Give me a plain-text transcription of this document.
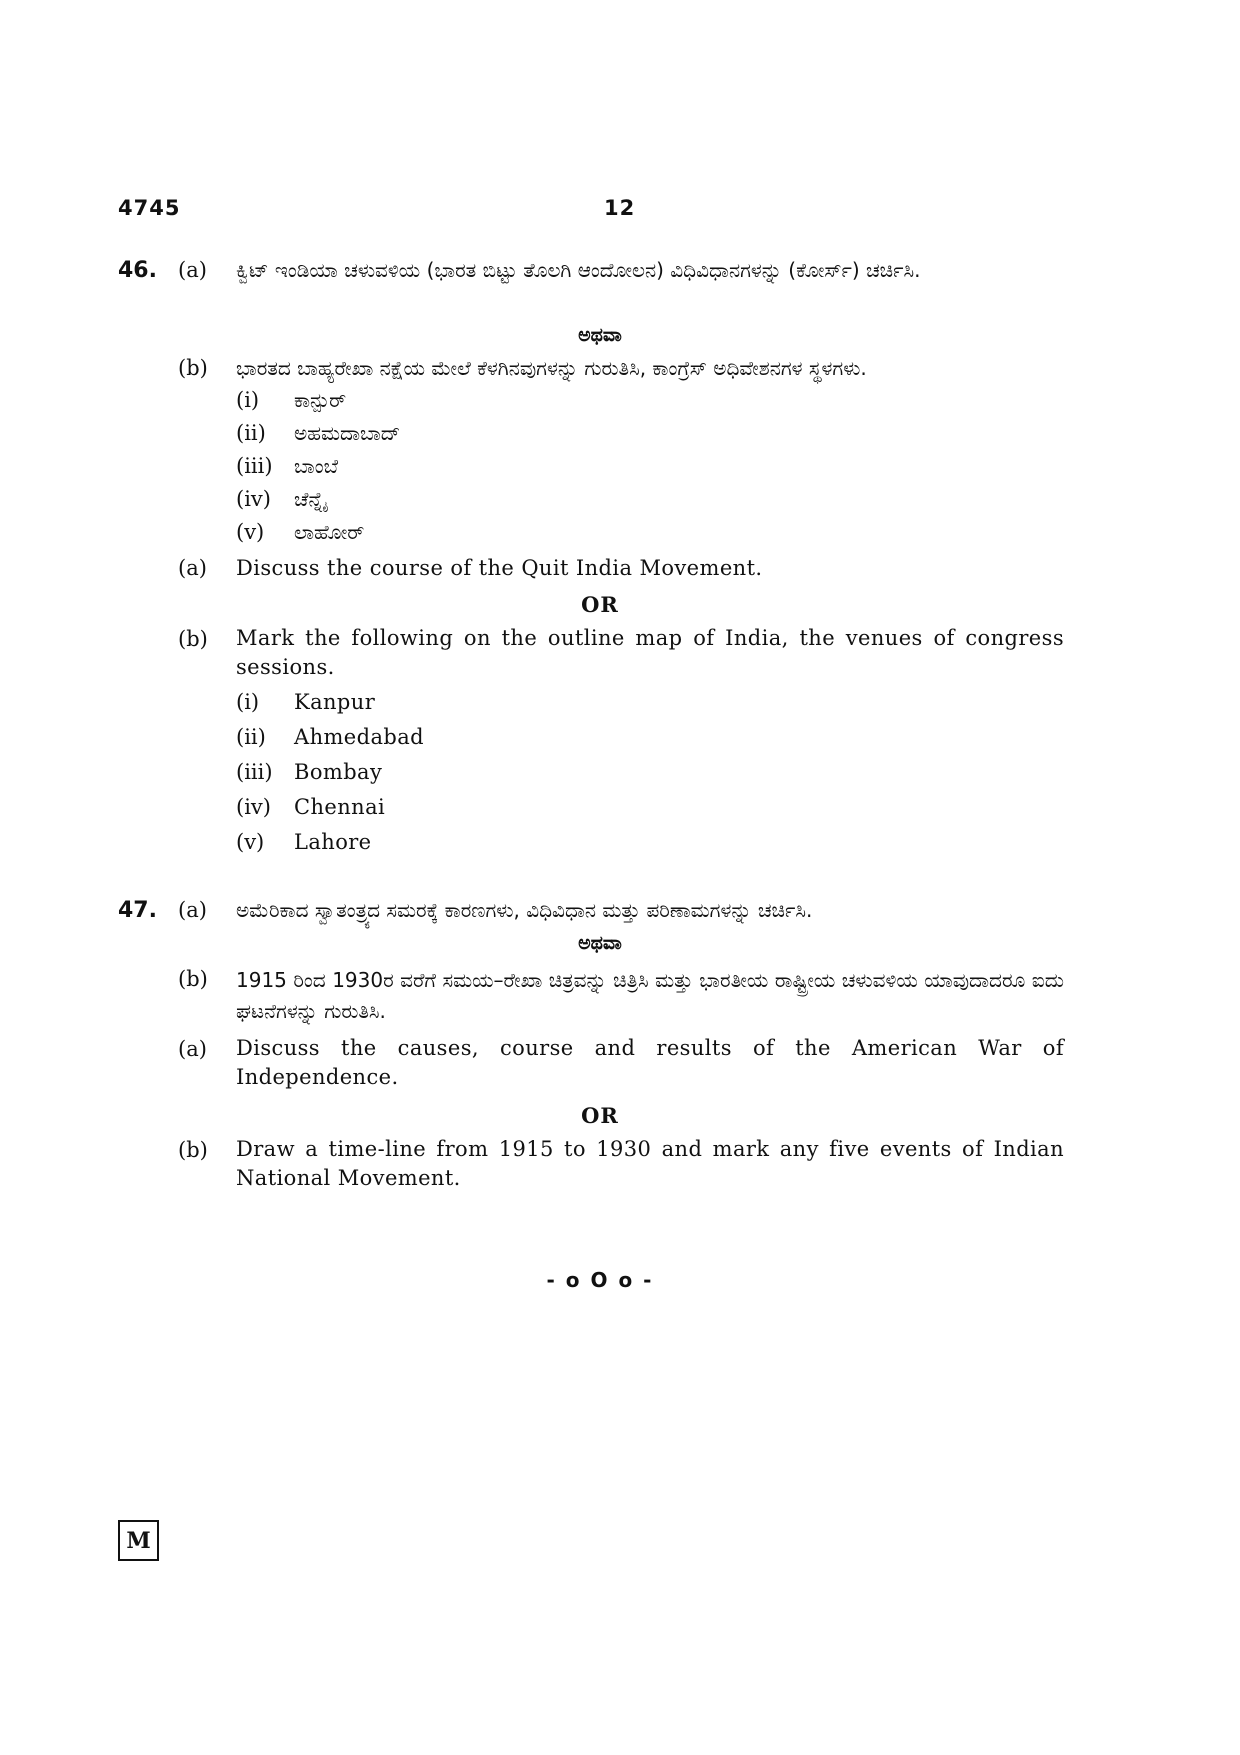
4745	12
46. (a) ಕ್ವಿಟ್ ಇಂಡಿಯಾ ಚಳುವಳಿಯ (ಭಾರತ ಬಿಟ್ಟು ತೊಲಗಿ ಆಂದೋಲನ) ವಿಧಿವಿಧಾನಗಳನ್ನು (ಕೋರ್ಸ್) ಚರ್ಚಿಸಿ.
ಅಥವಾ
(b) ಭಾರತದ ಬಾಹ್ಯರೇಖಾ ನಕ್ಷೆಯ ಮೇಲೆ ಕೆಳಗಿನವುಗಳನ್ನು ಗುರುತಿಸಿ, ಕಾಂಗ್ರೆಸ್ ಅಧಿವೇಶನಗಳ ಸ್ಥಳಗಳು.
(i) ಕಾನ್ಪುರ್
(ii) ಅಹಮದಾಬಾದ್
(iii) ಬಾಂಬೆ
(iv) ಚೆನ್ನೈ
(v) ಲಾಹೋರ್
(a) Discuss the course of the Quit India Movement.
OR
(b) Mark the following on the outline map of India, the venues of congress sessions.
(i) Kanpur
(ii) Ahmedabad
(iii) Bombay
(iv) Chennai
(v) Lahore
47. (a) ಅಮೆರಿಕಾದ ಸ್ವಾತಂತ್ರ್ಯದ ಸಮರಕ್ಕೆ ಕಾರಣಗಳು, ವಿಧಿವಿಧಾನ ಮತ್ತು ಪರಿಣಾಮಗಳನ್ನು ಚರ್ಚಿಸಿ.
ಅಥವಾ
(b) 1915 ರಿಂದ 1930ರ ವರೆಗೆ ಸಮಯ–ರೇಖಾ ಚಿತ್ರವನ್ನು ಚಿತ್ರಿಸಿ ಮತ್ತು ಭಾರತೀಯ ರಾಷ್ಟ್ರೀಯ ಚಳುವಳಿಯ ಯಾವುದಾದರೂ ಐದು ಘಟನೆಗಳನ್ನು ಗುರುತಿಸಿ.
(a) Discuss the causes, course and results of the American War of Independence.
OR
(b) Draw a time-line from 1915 to 1930 and mark any five events of Indian National Movement.
- o O o -
M
